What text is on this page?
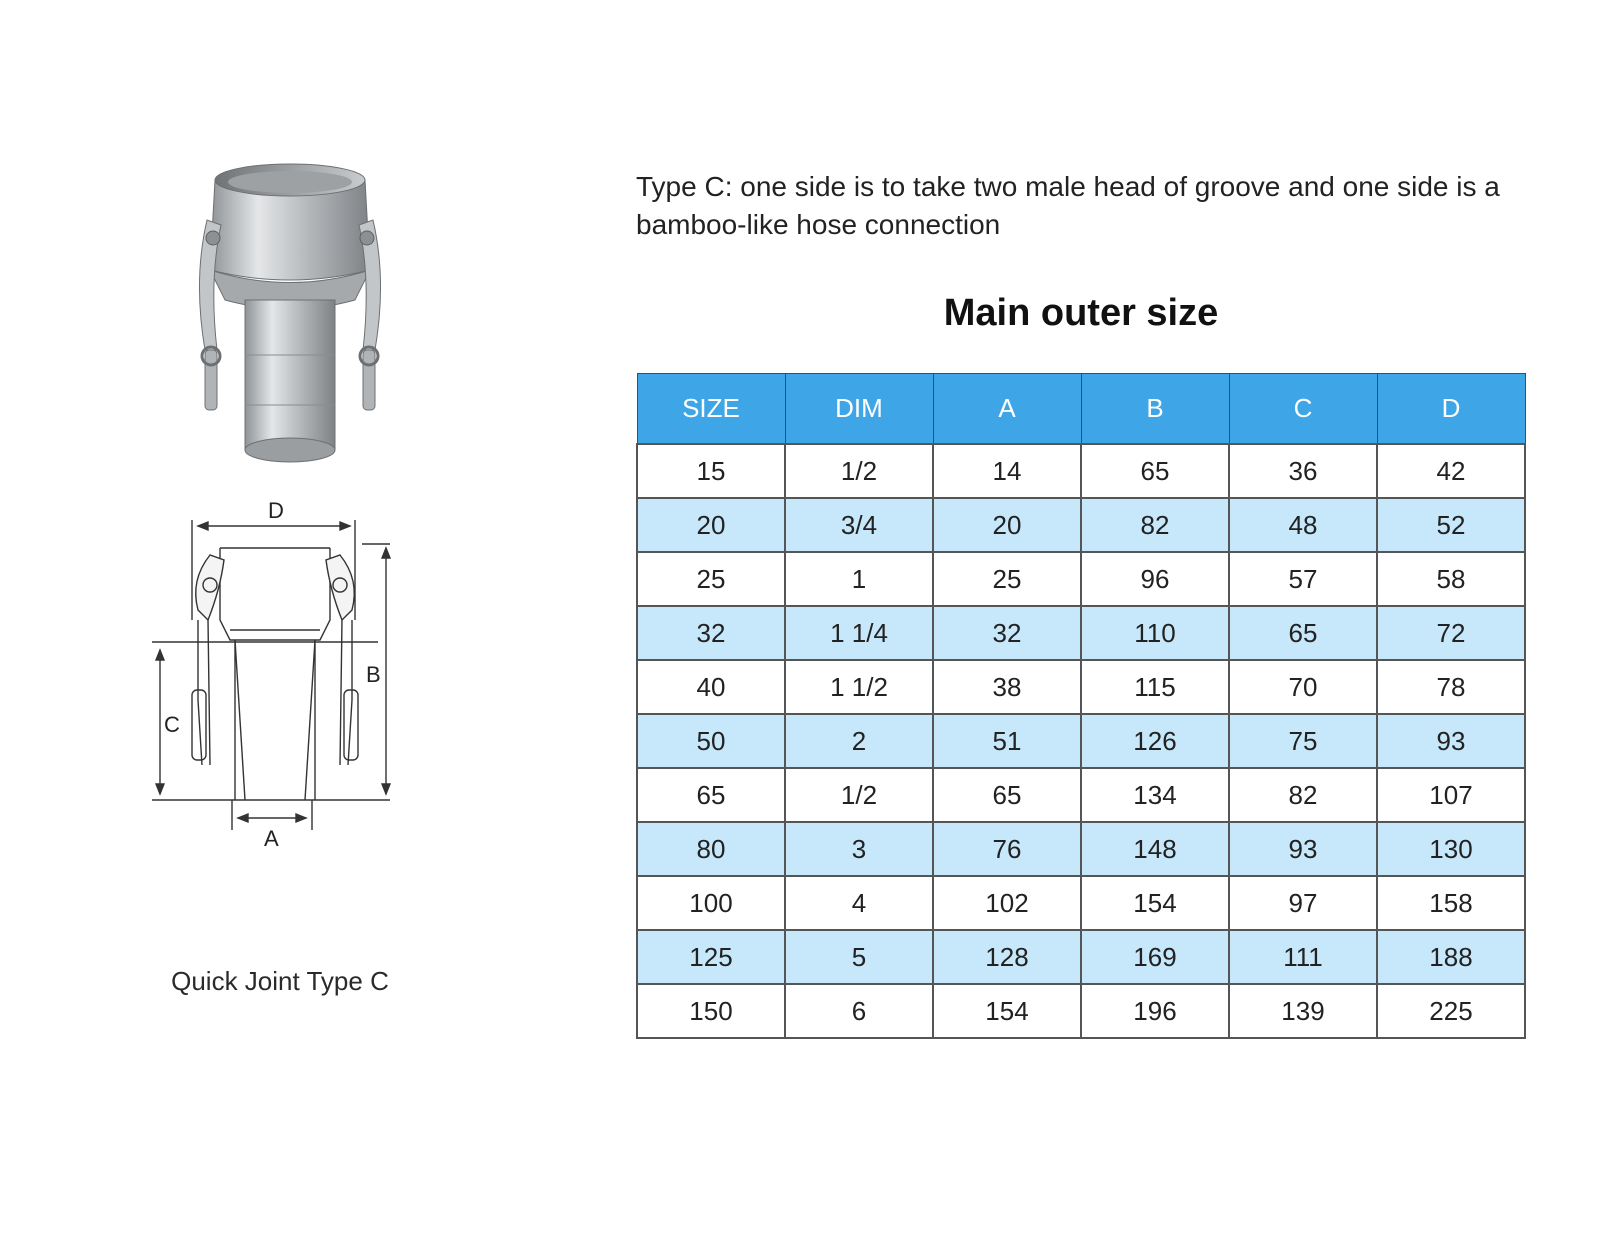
D
B
C
A
Quick Joint Type C
Type C: one side is to take two male head of groove and one side is a bamboo-like hose connection
Main outer size
SIZE	DIM	A	B	C	D
15	1/2	14	65	36	42
20	3/4	20	82	48	52
25	1	25	96	57	58
32	1 1/4	32	110	65	72
40	1 1/2	38	115	70	78
50	2	51	126	75	93
65	1/2	65	134	82	107
80	3	76	148	93	130
100	4	102	154	97	158
125	5	128	169	111	188
150	6	154	196	139	225
